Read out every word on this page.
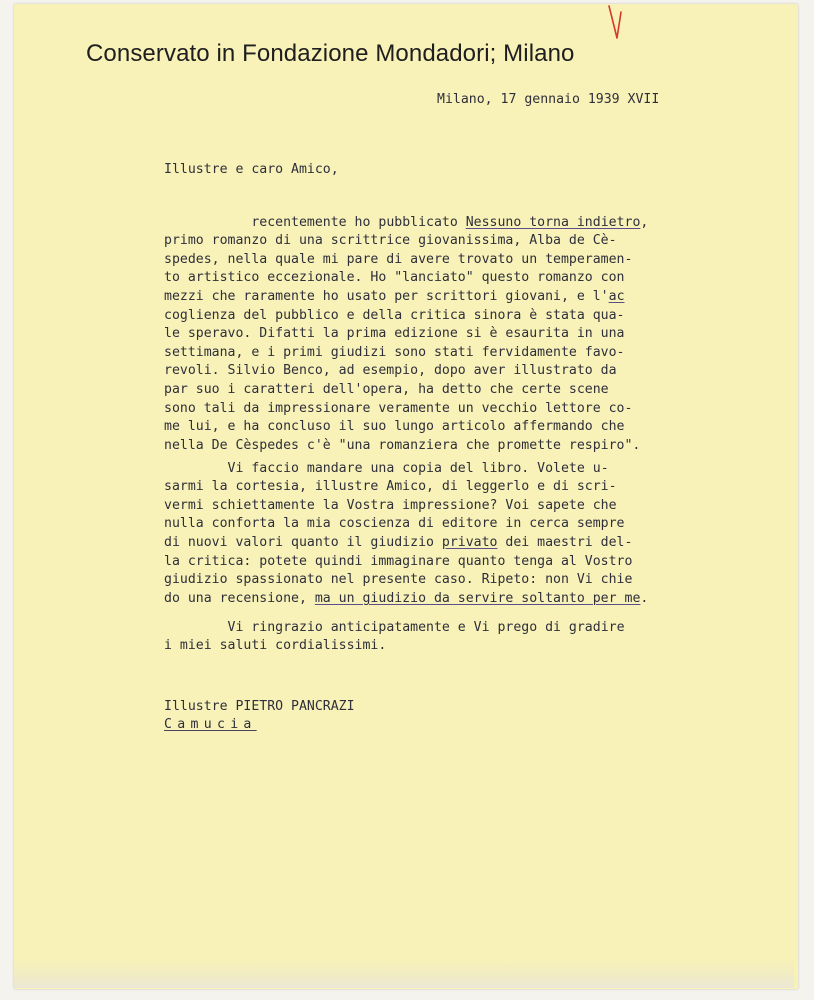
Conservato in Fondazione Mondadori; Milano
Milano, 17 gennaio 1939 XVII
Illustre e caro Amico,

recentemente ho pubblicato Nessuno torna indietro,
primo romanzo di una scrittrice giovanissima, Alba de Cè-
spedes, nella quale mi pare di avere trovato un temperamen-
to artistico eccezionale. Ho "lanciato" questo romanzo con
mezzi che raramente ho usato per scrittori giovani, e l'ac
coglienza del pubblico e della critica sinora è stata qua-
le speravo. Difatti la prima edizione si è esaurita in una
settimana, e i primi giudizi sono stati fervidamente favo-
revoli. Silvio Benco, ad esempio, dopo aver illustrato da
par suo i caratteri dell'opera, ha detto che certe scene
sono tali da impressionare veramente un vecchio lettore co-
me lui, e ha concluso il suo lungo articolo affermando che
nella De Cèspedes c'è "una romanziera che promette respiro".

Vi faccio mandare una copia del libro. Volete u-
sarmi la cortesia, illustre Amico, di leggerlo e di scri-
vermi schiettamente la Vostra impressione? Voi sapete che
nulla conforta la mia coscienza di editore in cerca sempre
di nuovi valori quanto il giudizio privato dei maestri del-
la critica: potete quindi immaginare quanto tenga al Vostro
giudizio spassionato nel presente caso. Ripeto: non Vi chie
do una recensione, ma un giudizio da servire soltanto per me.

Vi ringrazio anticipatamente e Vi prego di gradire
i miei saluti cordialissimi.

Illustre PIETRO PANCRAZI
Camucia
